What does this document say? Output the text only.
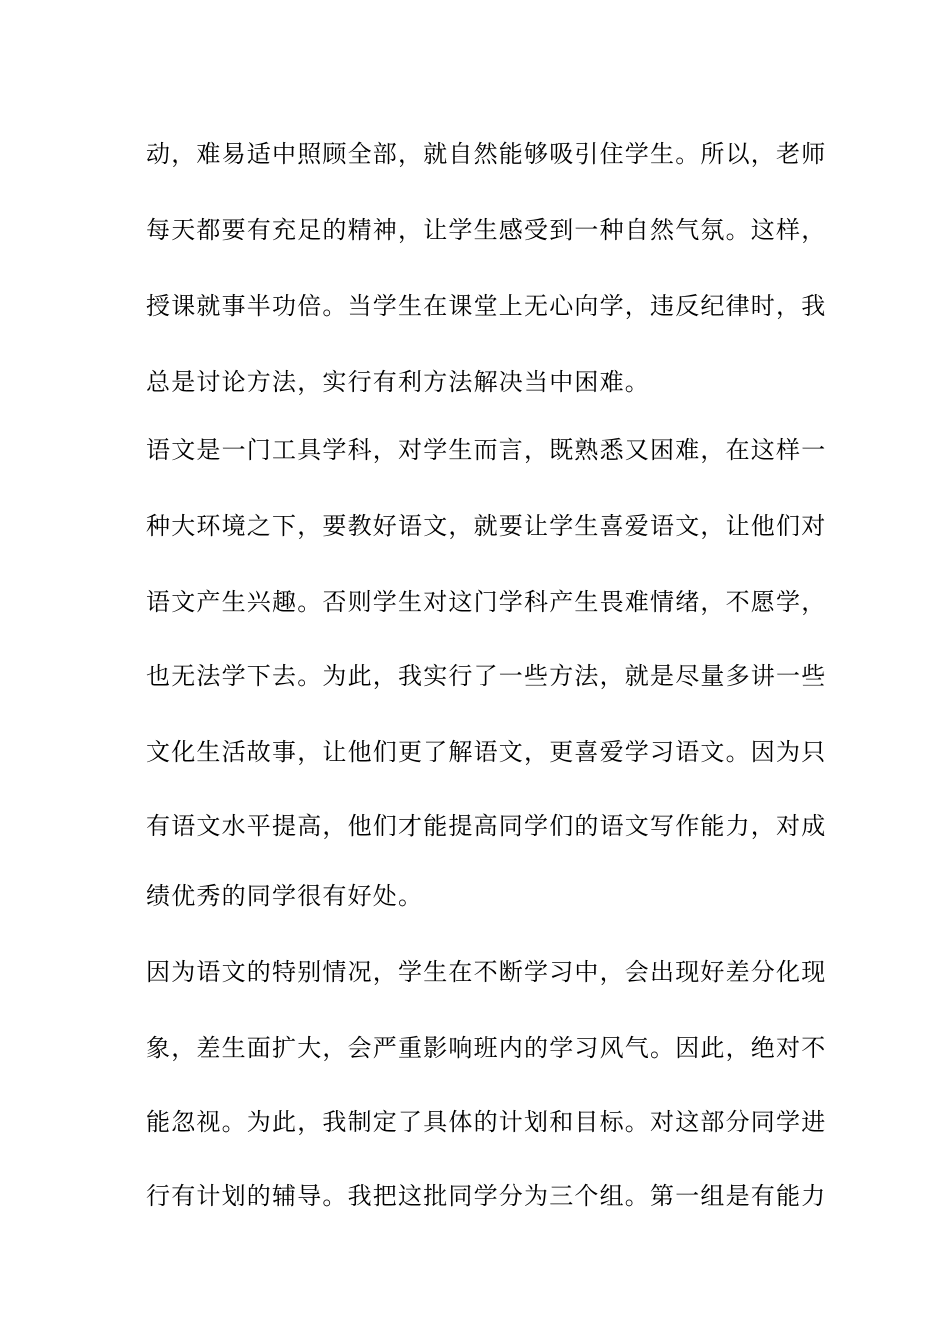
动，难易适中照顾全部，就自然能够吸引住学生。所以，老师
每天都要有充足的精神，让学生感受到一种自然气氛。这样，
授课就事半功倍。当学生在课堂上无心向学，违反纪律时，我
总是讨论方法，实行有利方法解决当中困难。
语文是一门工具学科，对学生而言，既熟悉又困难，在这样一
种大环境之下，要教好语文，就要让学生喜爱语文，让他们对
语文产生兴趣。否则学生对这门学科产生畏难情绪，不愿学，
也无法学下去。为此，我实行了一些方法，就是尽量多讲一些
文化生活故事，让他们更了解语文，更喜爱学习语文。因为只
有语文水平提高，他们才能提高同学们的语文写作能力，对成
绩优秀的同学很有好处。
因为语文的特别情况，学生在不断学习中，会出现好差分化现
象，差生面扩大，会严重影响班内的学习风气。因此，绝对不
能忽视。为此，我制定了具体的计划和目标。对这部分同学进
行有计划的辅导。我把这批同学分为三个组。第一组是有能力
